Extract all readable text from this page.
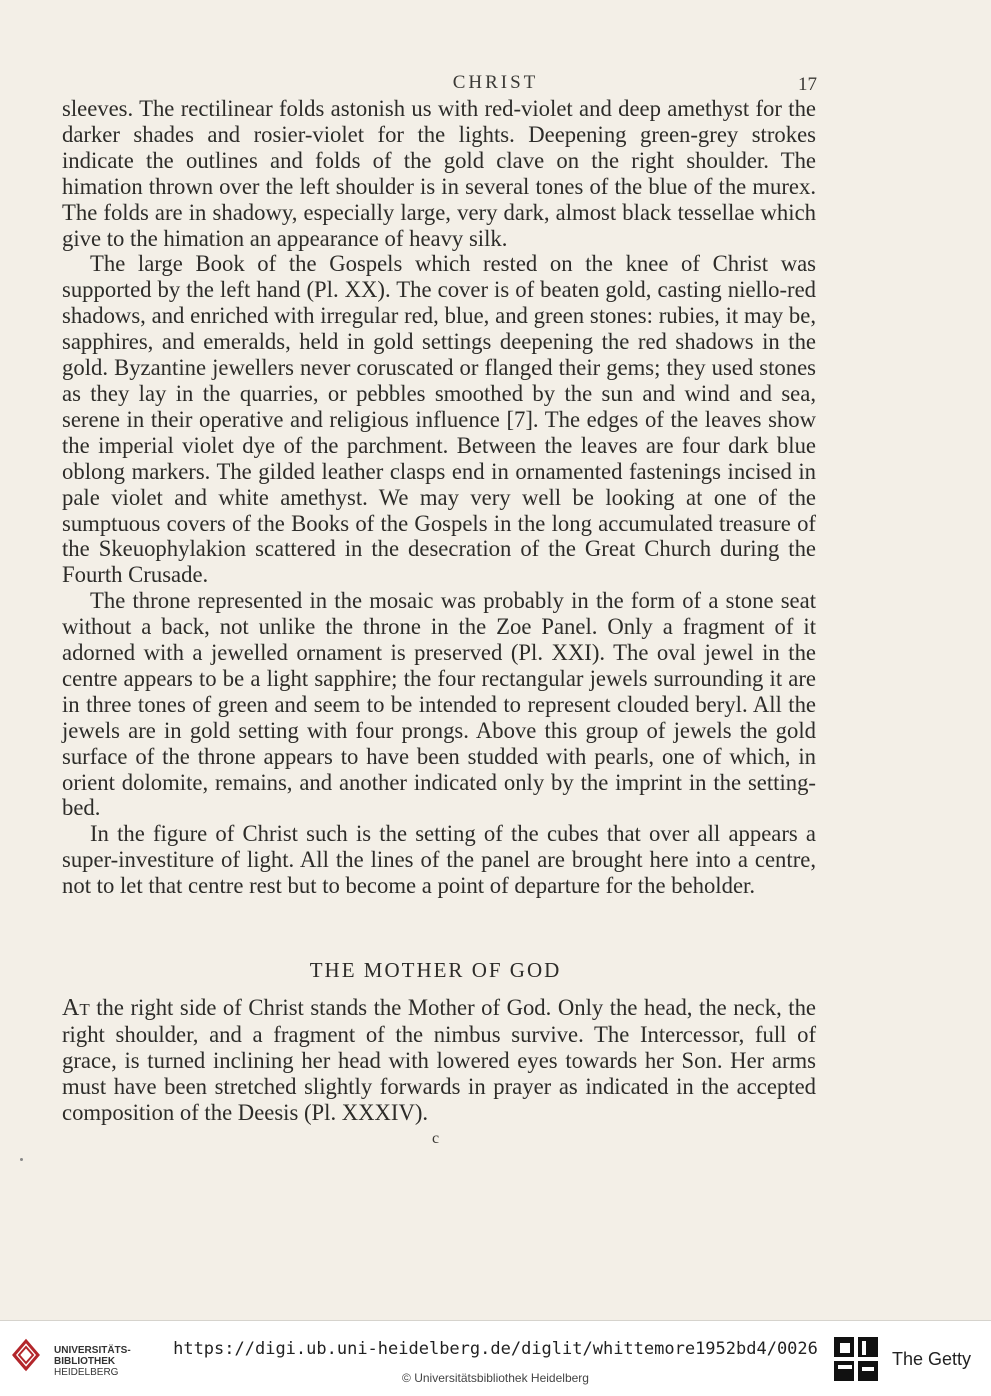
CHRIST	17

sleeves. The rectilinear folds astonish us with red-violet and deep amethyst for the darker shades and rosier-violet for the lights. Deepening green-grey strokes indicate the outlines and folds of the gold clave on the right shoulder. The himation thrown over the left shoulder is in several tones of the blue of the murex. The folds are in shadowy, especially large, very dark, almost black tessellae which give to the himation an appearance of heavy silk.

The large Book of the Gospels which rested on the knee of Christ was supported by the left hand (Pl. XX). The cover is of beaten gold, casting niello-red shadows, and enriched with irregular red, blue, and green stones: rubies, it may be, sapphires, and emeralds, held in gold settings deepening the red shadows in the gold. Byzantine jewellers never coruscated or flanged their gems; they used stones as they lay in the quarries, or pebbles smoothed by the sun and wind and sea, serene in their operative and religious influence [7]. The edges of the leaves show the imperial violet dye of the parchment. Between the leaves are four dark blue oblong markers. The gilded leather clasps end in ornamented fastenings incised in pale violet and white amethyst. We may very well be looking at one of the sumptuous covers of the Books of the Gospels in the long accumulated treasure of the Skeuophylakion scattered in the desecration of the Great Church during the Fourth Crusade.

The throne represented in the mosaic was probably in the form of a stone seat without a back, not unlike the throne in the Zoe Panel. Only a fragment of it adorned with a jewelled ornament is preserved (Pl. XXI). The oval jewel in the centre appears to be a light sapphire; the four rectangular jewels surrounding it are in three tones of green and seem to be intended to represent clouded beryl. All the jewels are in gold setting with four prongs. Above this group of jewels the gold surface of the throne appears to have been studded with pearls, one of which, in orient dolomite, remains, and another indicated only by the imprint in the setting-bed.

In the figure of Christ such is the setting of the cubes that over all appears a super-investiture of light. All the lines of the panel are brought here into a centre, not to let that centre rest but to become a point of departure for the beholder.

THE MOTHER OF GOD
At the right side of Christ stands the Mother of God. Only the head, the neck, the right shoulder, and a fragment of the nimbus survive. The Intercessor, full of grace, is turned inclining her head with lowered eyes towards her Son. Her arms must have been stretched slightly forwards in prayer as indicated in the accepted composition of the Deesis (Pl. XXXIV).
c
UNIVERSITÄTS-
BIBLIOTHEK
HEIDELBERG
https://digi.ub.uni-heidelberg.de/diglit/whittemore1952bd4/0026
© Universitätsbibliothek Heidelberg
The Getty
